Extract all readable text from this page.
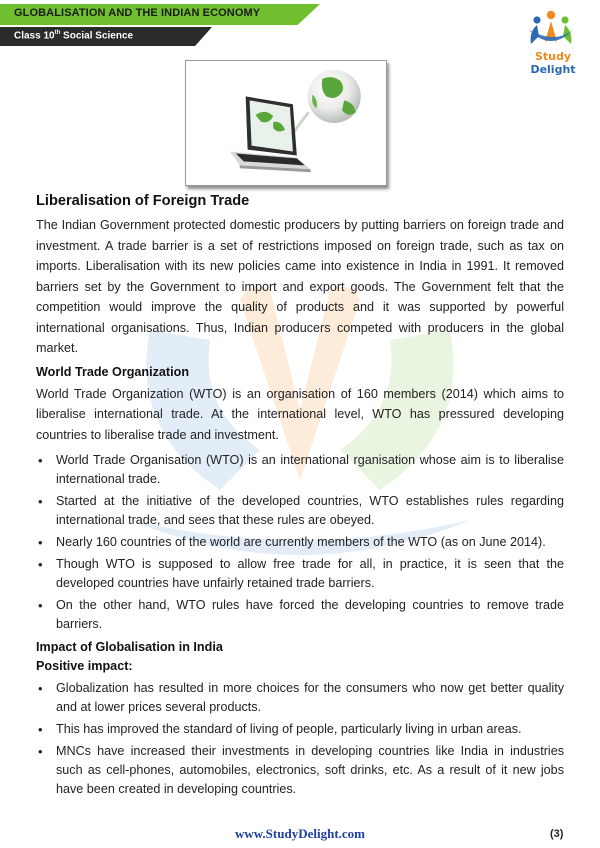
GLOBALISATION AND THE INDIAN ECONOMY
Class 10th Social Science
Study Delight
Liberalisation of Foreign Trade

The Indian Government protected domestic producers by putting barriers on foreign trade and investment. A trade barrier is a set of restrictions imposed on foreign trade, such as tax on imports. Liberalisation with its new policies came into existence in India in 1991. It removed barriers set by the Government to import and export goods. The Government felt that the competition would improve the quality of products and it was supported by powerful international organisations. Thus, Indian producers competed with producers in the global market.

World Trade Organization

World Trade Organization (WTO) is an organisation of 160 members (2014) which aims to liberalise international trade. At the international level, WTO has pressured developing countries to liberalise trade and investment.

• World Trade Organisation (WTO) is an international rganisation whose aim is to liberalise international trade.
• Started at the initiative of the developed countries, WTO establishes rules regarding international trade, and sees that these rules are obeyed.
• Nearly 160 countries of the world are currently members of the WTO (as on June 2014).
• Though WTO is supposed to allow free trade for all, in practice, it is seen that the developed countries have unfairly retained trade barriers.
• On the other hand, WTO rules have forced the developing countries to remove trade barriers.
Impact of Globalisation in India
Positive impact:
• Globalization has resulted in more choices for the consumers who now get better quality and at lower prices several products.
• This has improved the standard of living of people, particularly living in urban areas.
• MNCs have increased their investments in developing countries like India in industries such as cell-phones, automobiles, electronics, soft drinks, etc. As a result of it new jobs have been created in developing countries.
www.StudyDelight.com	(3)
